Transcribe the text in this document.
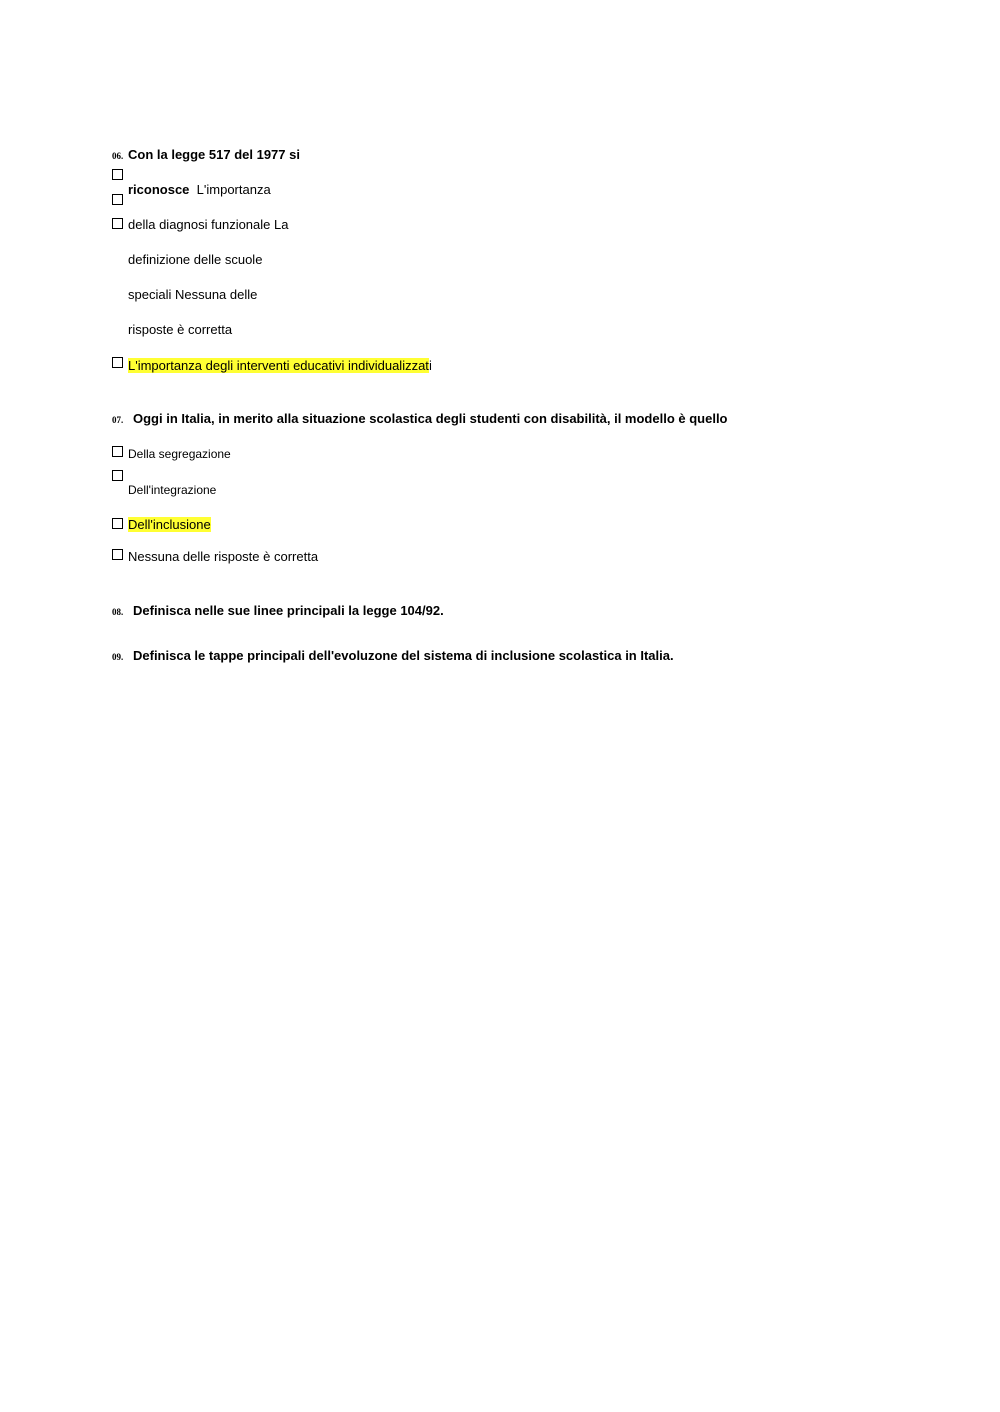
06. Con la legge 517 del 1977 si
riconosce L'importanza
della diagnosi funzionale La
definizione delle scuole
speciali Nessuna delle
risposte è corretta
L'importanza degli interventi educativi individualizzati
07. Oggi in Italia, in merito alla situazione scolastica degli studenti con disabilità, il modello è quello
Della segregazione
Dell'integrazione
Dell'inclusione
Nessuna delle risposte è corretta
08. Definisca nelle sue linee principali la legge 104/92.
09. Definisca le tappe principali dell'evoluzone del sistema di inclusione scolastica in Italia.
